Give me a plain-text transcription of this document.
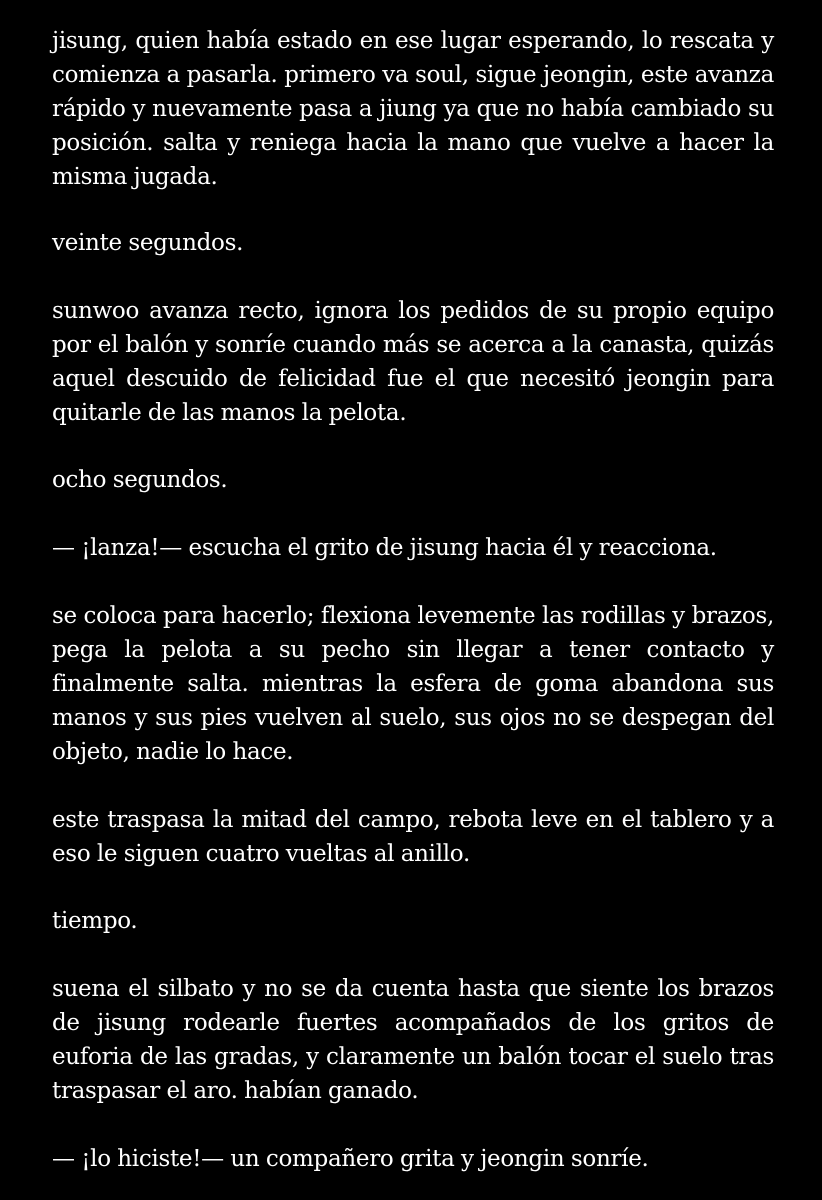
jisung, quien había estado en ese lugar esperando, lo rescata y comienza a pasarla. primero va soul, sigue jeongin, este avanza rápido y nuevamente pasa a jiung ya que no había cambiado su posición. salta y reniega hacia la mano que vuelve a hacer la misma jugada.

veinte segundos.

sunwoo avanza recto, ignora los pedidos de su propio equipo por el balón y sonríe cuando más se acerca a la canasta, quizás aquel descuido de felicidad fue el que necesitó jeongin para quitarle de las manos la pelota.

ocho segundos.

— ¡lanza!— escucha el grito de jisung hacia él y reacciona.

se coloca para hacerlo; flexiona levemente las rodillas y brazos, pega la pelota a su pecho sin llegar a tener contacto y finalmente salta. mientras la esfera de goma abandona sus manos y sus pies vuelven al suelo, sus ojos no se despegan del objeto, nadie lo hace.

este traspasa la mitad del campo, rebota leve en el tablero y a eso le siguen cuatro vueltas al anillo.

tiempo.

suena el silbato y no se da cuenta hasta que siente los brazos de jisung rodearle fuertes acompañados de los gritos de euforia de las gradas, y claramente un balón tocar el suelo tras traspasar el aro. habían ganado.

— ¡lo hiciste!— un compañero grita y jeongin sonríe.
